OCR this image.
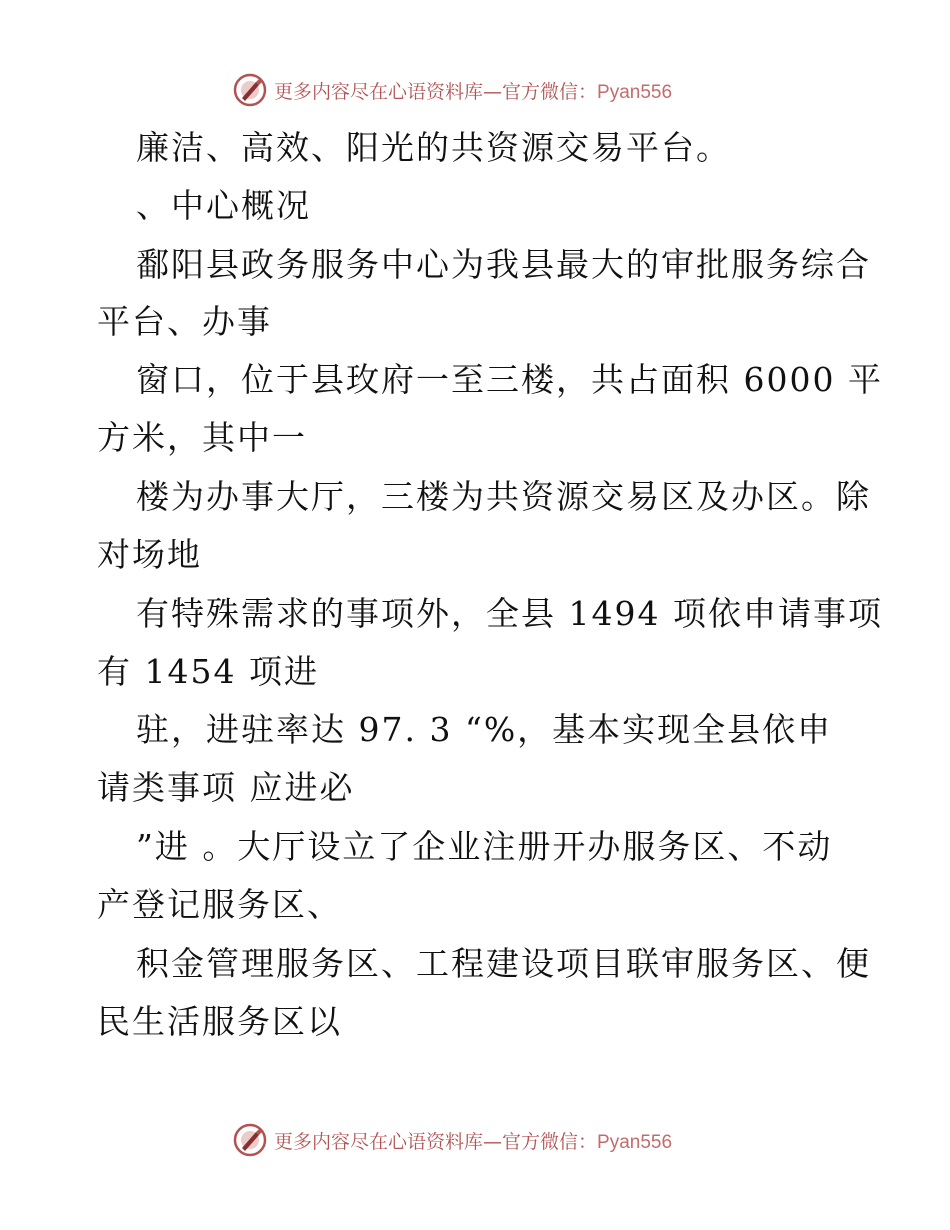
更多内容尽在心语资料库—官方微信：Pyan556
廉洁、高效、阳光的共资源交易平台。
、中心概况
鄱阳县政务服务中心为我县最大的审批服务综合
平台、办事
窗口，位于县玫府一至三楼，共占面积 6000 平
方米，其中一
楼为办事大厅，三楼为共资源交易区及办区。除
对场地
有特殊需求的事项外，全县 1494 项依申请事项
有 1454 项进
驻，进驻率达 97. 3 “%，基本实现全县依申
请类事项 应进必
”进 。大厅设立了企业注册开办服务区、不动
产登记服务区、
积金管理服务区、工程建设项目联审服务区、便
民生活服务区以
更多内容尽在心语资料库—官方微信：Pyan556
